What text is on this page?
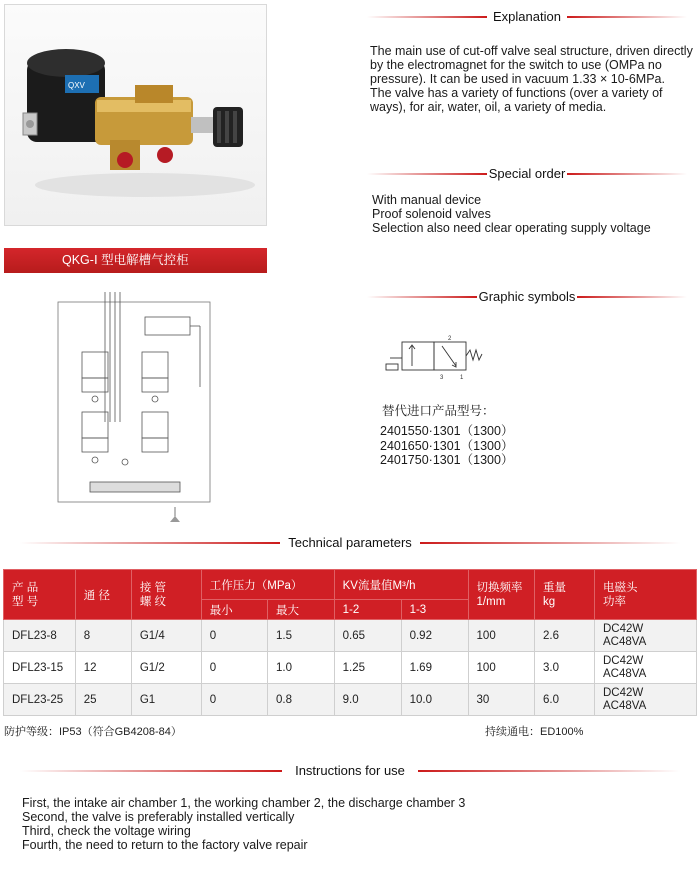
QXV
Explanation
The main use of cut-off valve seal structure, driven directly
by the electromagnet for the switch to use (OMPa no
pressure). It can be used in vacuum 1.33 × 10-6MPa.
The valve has a variety of functions (over a variety of
ways), for air, water, oil, a variety of media.
Special order
With manual device
Proof solenoid valves
Selection also need clear operating supply voltage
QKG-Ⅰ 型电解槽气控柜
Graphic symbols
2
3	1
替代进口产品型号：
2401550·1301（1300）
2401650·1301（1300）
2401750·1301（1300）
Technical parameters
产 品
型 号	通 径	接 管
螺 纹	工作压力（MPa）		KV流量值M³/h		切换频率
1/mm	重量
kg	电磁头
功率
			最小	最大	1-2	1-3			
DFL23-8	8	G1/4	0	1.5	0.65	0.92	100	2.6	DC42W
AC48VA
DFL23-15	12	G1/2	0	1.0	1.25	1.69	100	3.0	DC42W
AC48VA
DFL23-25	25	G1	0	0.8	9.0	10.0	30	6.0	DC42W
AC48VA
防护等级：IP53（符合GB4208-84）	持续通电：ED100%
Instructions for use
First, the intake air chamber 1, the working chamber 2, the discharge chamber 3
Second, the valve is preferably installed vertically
Third, check the voltage wiring
Fourth, the need to return to the factory valve repair
